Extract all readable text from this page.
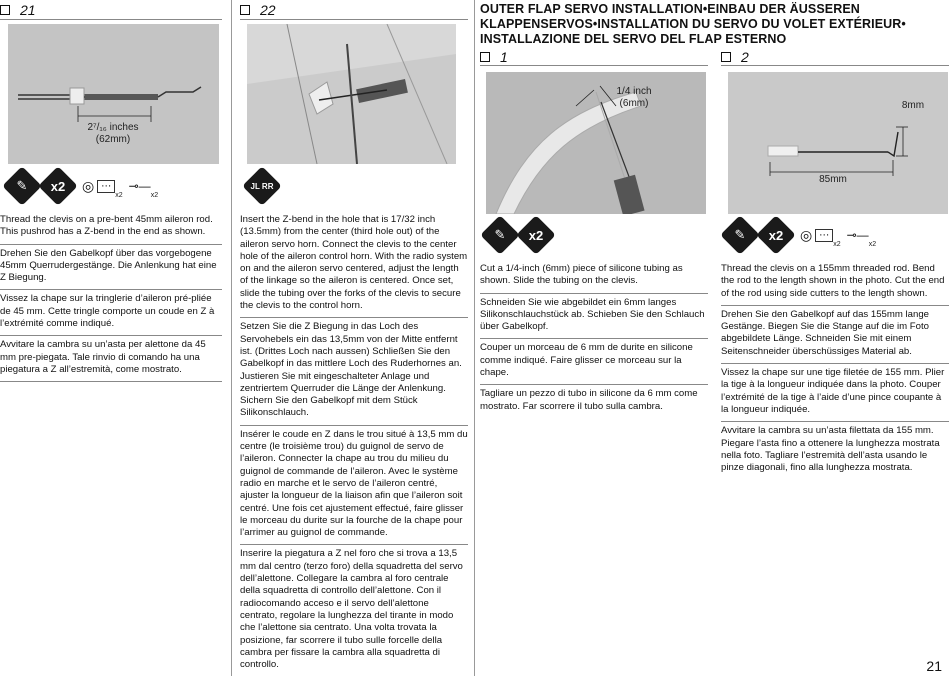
21
2⁷/₁₆ inches
(62mm)
✎	x2	◎ ⋯
x2
⊸—
x2
Thread the clevis on a pre-bent 45mm aileron rod. This pushrod has a Z-bend in the end as shown.
Drehen Sie den Gabelkopf über das vorgebogene 45mm Querrudergestänge. Die Anlenkung hat eine Z Biegung.
Vissez la chape sur la tringlerie d’aileron pré-pliée de 45 mm. Cette tringle comporte un coude en Z à l’extrémité comme indiqué.
Avvitare la cambra su un’asta per alettone da 45 mm pre-piegata. Tale rinvio di comando ha una piegatura a Z all’estremità, come mostrato.
22
JL RR
Insert the Z-bend in the hole that is 17/32 inch (13.5mm) from the center (third hole out) of the aileron servo horn. Connect the clevis to the center hole of the aileron control horn. With the radio system on and the aileron servo centered, adjust the length of the linkage so the aileron is centered. Once set, slide the tubing over the forks of the clevis to secure the clevis to the control horn.
Setzen Sie die Z Biegung in das Loch des Servohebels ein das 13,5mm von der Mitte entfernt ist. (Drittes Loch nach aussen) Schließen Sie den Gabelkopf in das mittlere Loch des Ruderhornes an. Justieren Sie mit eingeschalteter Anlage und zentriertem Querruder die Länge der Anlenkung. Sichern Sie den Gabelkopf mit dem Stück Silikonschlauch.
Insérer le coude en Z dans le trou situé à 13,5 mm du centre (le troisième trou) du guignol de servo de l’aileron. Connecter la chape au trou du milieu du guignol de commande de l’aileron. Avec le système radio en marche et le servo de l’aileron centré, ajuster la longueur de la liaison afin que l’aileron soit centré. Une fois cet ajustement effectué, faire glisser le morceau du durite sur la fourche de la chape pour l’arrimer au guignol de commande.
Inserire la piegatura a Z nel foro che si trova a 13,5 mm dal centro (terzo foro) della squadretta del servo dell’alettone. Collegare la cambra al foro centrale della squadretta di controllo dell’alettone. Con il radiocomando acceso e il servo dell’alettone centrato, regolare la lunghezza del tirante in modo che l’alettone sia centrato. Una volta trovata la posizione, far scorrere il tubo sulle forcelle della cambra per fissare la cambra alla squadretta di controllo.
OUTER FLAP SERVO INSTALLATION•EINBAU DER ÄUSSEREN
KLAPPENSERVOS•INSTALLATION DU SERVO DU VOLET EXTÉRIEUR•
INSTALLAZIONE DEL SERVO DEL FLAP ESTERNO
1
1/4 inch
(6mm)
✎	x2
Cut a 1/4-inch (6mm) piece of silicone tubing as shown. Slide the tubing on the clevis.
Schneiden Sie wie abgebildet ein 6mm langes Silikonschlauchstück ab. Schieben Sie den Schlauch über Gabelkopf.
Couper un morceau de 6 mm de durite en silicone comme indiqué. Faire glisser ce morceau sur la chape.
Tagliare un pezzo di tubo in silicone da 6 mm come mostrato. Far scorrere il tubo sulla cambra.
2
8mm
85mm
✎	x2	◎ ⋯
x2
⊸—
x2
Thread the clevis on a 155mm threaded rod. Bend the rod to the length shown in the photo. Cut the end of the rod using side cutters to the length shown.
Drehen Sie den Gabelkopf auf das 155mm lange Gestänge. Biegen Sie die Stange auf die im Foto abgebildete Länge. Schneiden Sie mit einem Seitenschneider überschüssiges Material ab.
Vissez la chape sur une tige filetée de 155 mm. Plier la tige à la longueur indiquée dans la photo. Couper l’extrémité de la tige à l’aide d’une pince coupante à la longueur indiquée.
Avvitare la cambra su un’asta filettata da 155 mm. Piegare l’asta fino a ottenere la lunghezza mostrata nella foto. Tagliare l’estremità dell’asta usando le pinze diagonali, fino alla lunghezza mostrata.
21
